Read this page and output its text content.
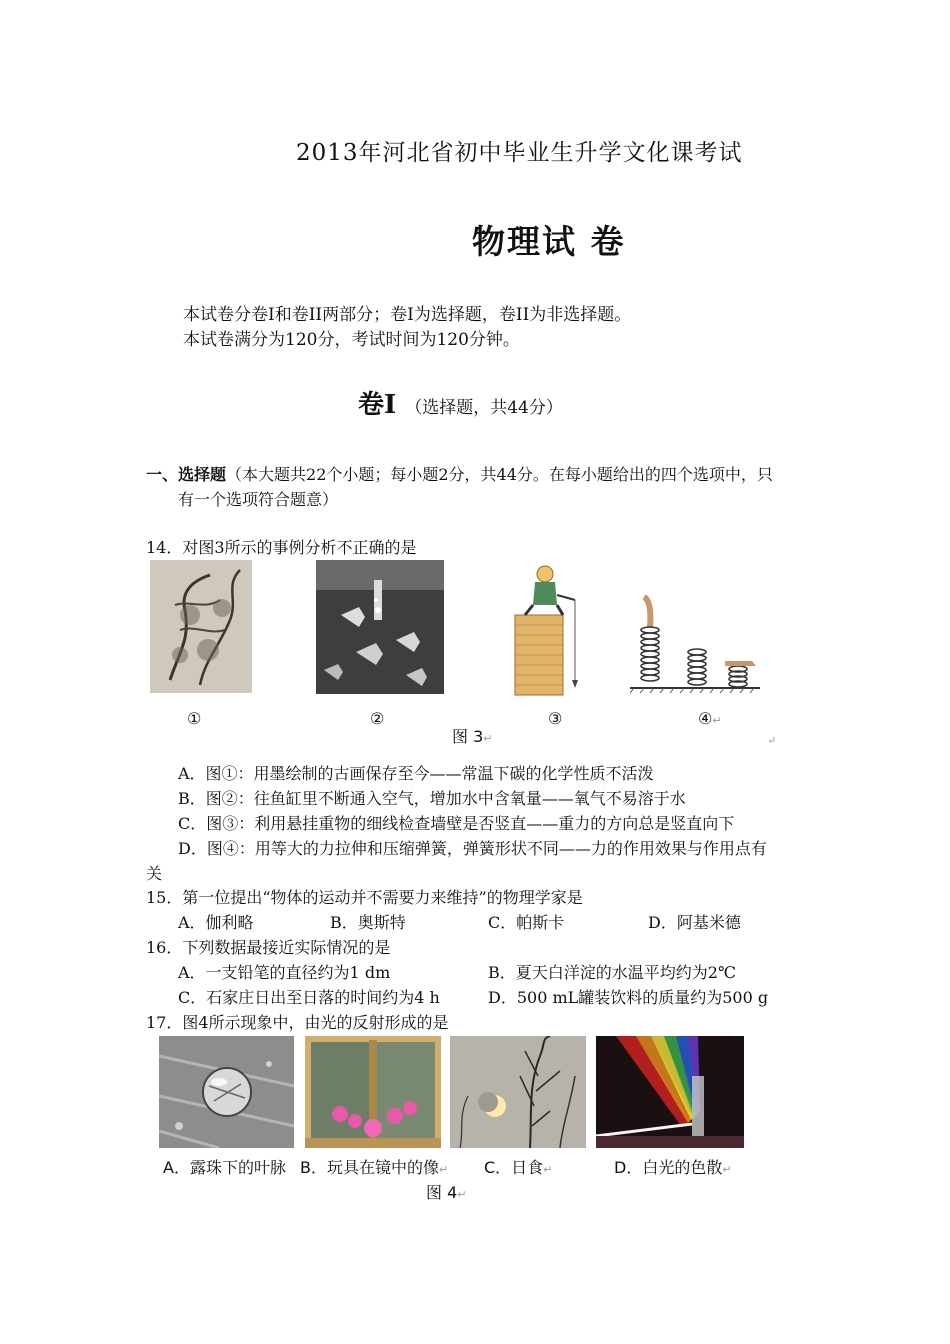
2013年河北省初中毕业生升学文化课考试
物理试 卷
本试卷分卷I和卷II两部分；卷I为选择题，卷II为非选择题。
本试卷满分为120分，考试时间为120分钟。
卷Ⅰ （选择题，共44分）
一、选择题（本大题共22个小题；每小题2分，共44分。在每小题给出的四个选项中，只
有一个选项符合题意）
14．对图3所示的事例分析不正确的是
①	②
图 3↵
③	④↵
↵
A．图①：用墨绘制的古画保存至今——常温下碳的化学性质不活泼
B．图②：往鱼缸里不断通入空气，增加水中含氧量——氧气不易溶于水
C．图③：利用悬挂重物的细线检查墙壁是否竖直——重力的方向总是竖直向下
D．图④：用等大的力拉伸和压缩弹簧，弹簧形状不同——力的作用效果与作用点有
关
15．第一位提出“物体的运动并不需要力来维持”的物理学家是
A．伽利略	B．奥斯特	C．帕斯卡	D．阿基米德
16．下列数据最接近实际情况的是
A．一支铅笔的直径约为1 dm	B．夏天白洋淀的水温平均约为2℃
C．石家庄日出至日落的时间约为4 h	D．500 mL罐装饮料的质量约为500 g
17．图4所示现象中，由光的反射形成的是
A．露珠下的叶脉 B．玩具在镜中的像↵ C．日食↵	D．白光的色散↵
图 4↵
